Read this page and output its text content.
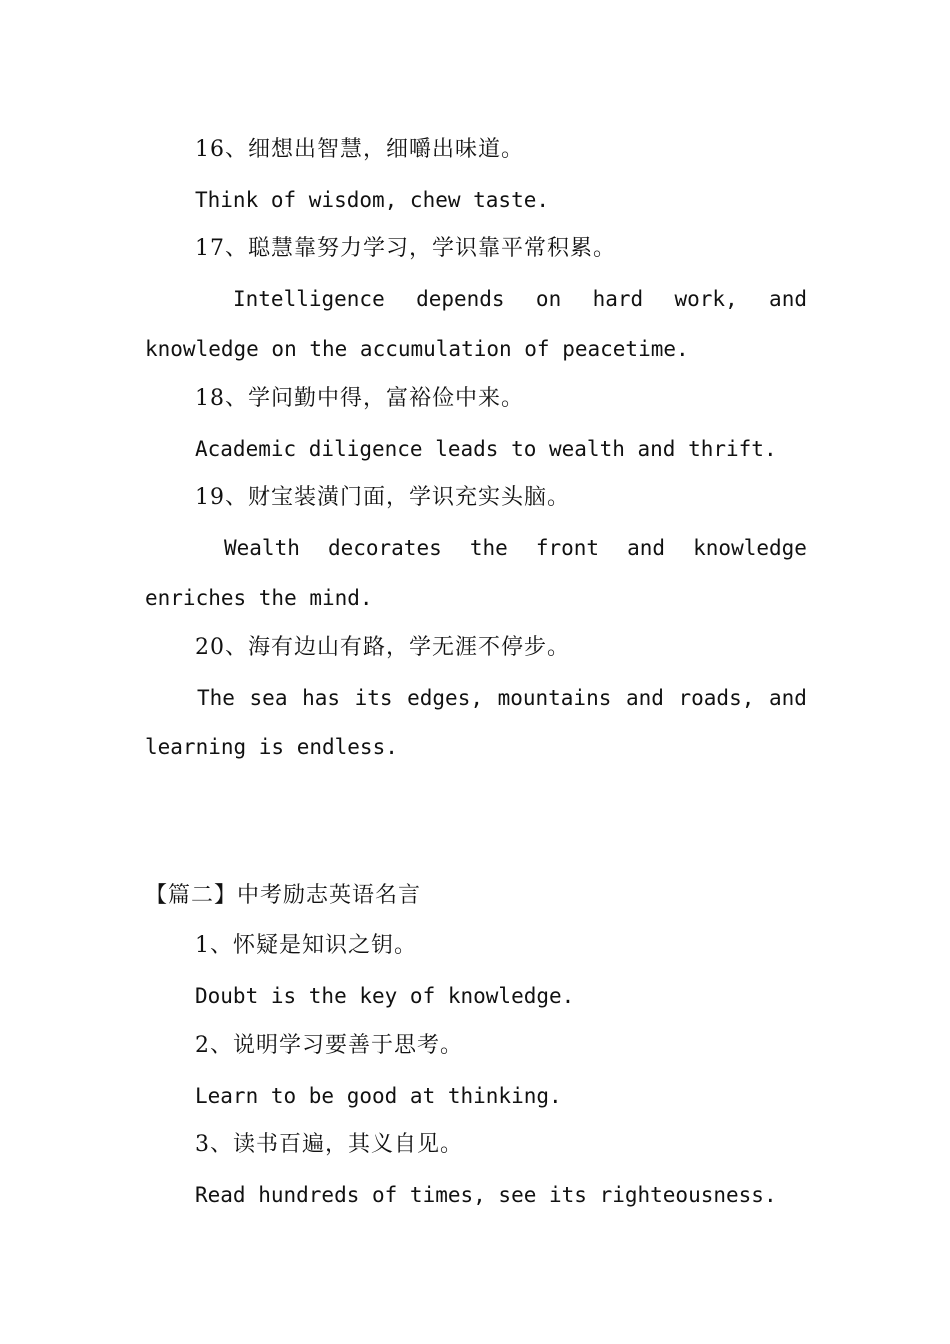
16、细想出智慧，细嚼出味道。
Think of wisdom, chew taste.
17、聪慧靠努力学习，学识靠平常积累。
Intelligence depends on hard work, and
knowledge on the accumulation of peacetime.
18、学问勤中得，富裕俭中来。
Academic diligence leads to wealth and thrift.
19、财宝装潢门面，学识充实头脑。
Wealth decorates the front and knowledge
enriches the mind.
20、海有边山有路，学无涯不停步。
The sea has its edges, mountains and roads, and
learning is endless.
【篇二】中考励志英语名言
1、怀疑是知识之钥。
Doubt is the key of knowledge.
2、说明学习要善于思考。
Learn to be good at thinking.
3、读书百遍，其义自见。
Read hundreds of times, see its righteousness.
